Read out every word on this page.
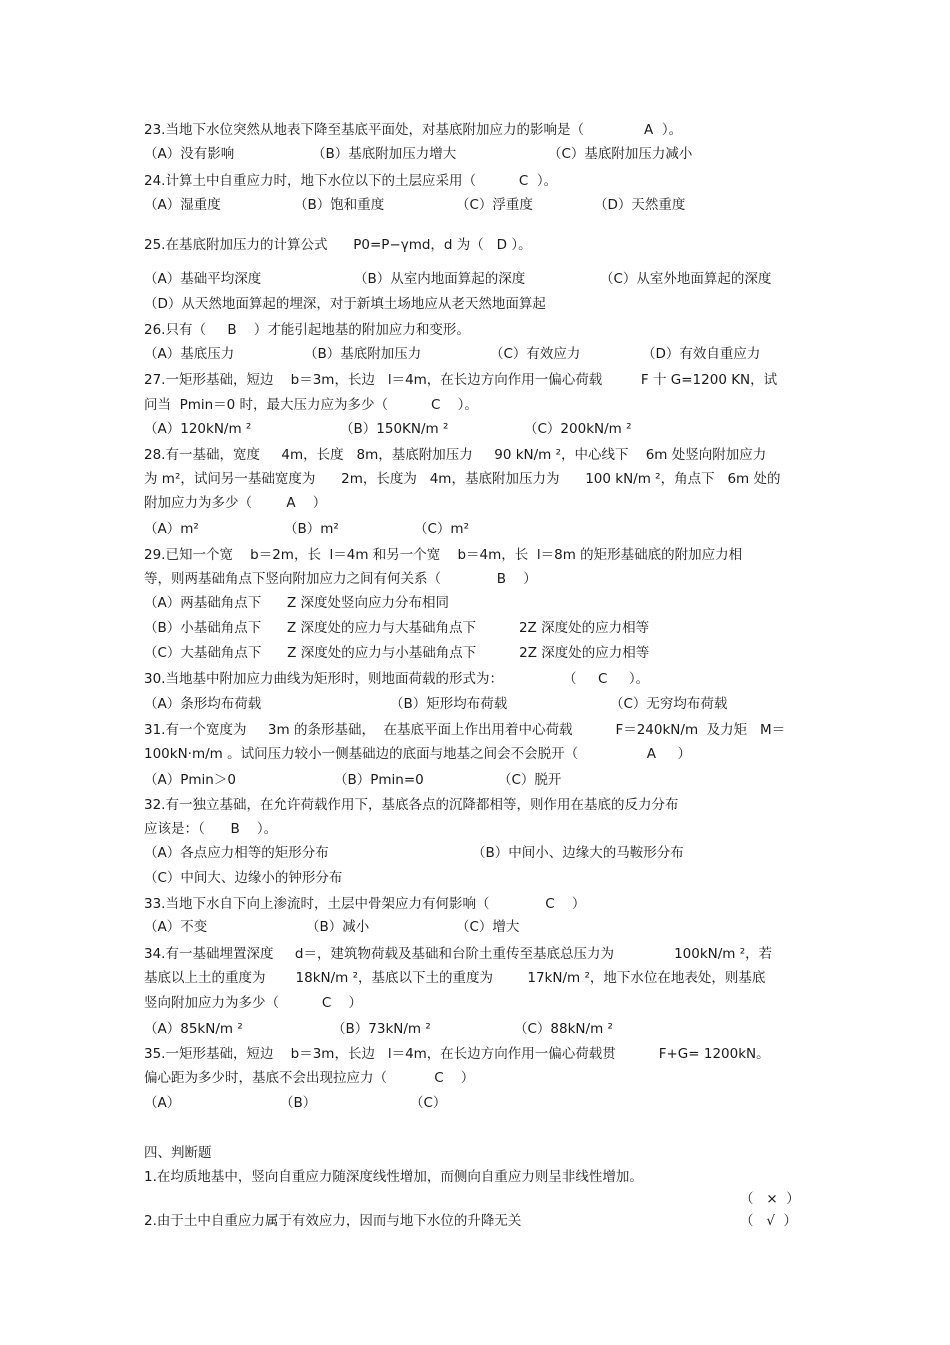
23.当地下水位突然从地表下降至基底平面处，对基底附加应力的影响是（              A  ）。
（A）没有影响	（B）基底附加压力增大	（C）基底附加压力减小
24.计算土中自重应力时，地下水位以下的土层应采用（          C  ）。
（A）湿重度	（B）饱和重度	（C）浮重度	（D）天然重度
25.在基底附加压力的计算公式      P0=P−γmd，d 为（   D ）。
（A）基础平均深度	（B）从室内地面算起的深度	（C）从室外地面算起的深度
（D）从天然地面算起的埋深，对于新填土场地应从老天然地面算起
26.只有（     B    ）才能引起地基的附加应力和变形。
（A）基底压力	（B）基底附加压力	（C）有效应力	（D）有效自重应力
27.一矩形基础，短边    b＝3m，长边   l＝4m，在长边方向作用一偏心荷载         F 十 G=1200 KN，试
问当  Pmin＝0 时，最大压力应为多少（          C    ）。
（A）120kN/m ²	（B）150KN/m ²	（C）200kN/m ²
28.有一基础，宽度     4m，长度   8m，基底附加压力     90 kN/m ²，中心线下    6m 处竖向附加应力
为 m²，试问另一基础宽度为      2m，长度为   4m，基底附加压力为      100 kN/m ²，角点下   6m 处的
附加应力为多少（        A    ）
（A）m²	（B）m²	（C）m²
29.已知一个宽    b＝2m，长  l＝4m 和另一个宽    b＝4m，长  l＝8m 的矩形基础底的附加应力相
等，则两基础角点下竖向附加应力之间有何关系（             B    ）
（A）两基础角点下      Z 深度处竖向应力分布相同
（B）小基础角点下      Z 深度处的应力与大基础角点下          2Z 深度处的应力相等
（C）大基础角点下      Z 深度处的应力与小基础角点下          2Z 深度处的应力相等
30.当地基中附加应力曲线为矩形时，则地面荷载的形式为：              （     C     ）。
（A）条形均布荷载	（B）矩形均布荷载	（C）无穷均布荷载
31.有一个宽度为     3m 的条形基础，  在基底平面上作出用着中心荷载          F＝240kN/m  及力矩   M＝
100kN·m/m 。试问压力较小一侧基础边的底面与地基之间会不会脱开（                A     ）
（A）Pmin＞0	（B）Pmin=0	（C）脱开
32.有一独立基础，在允许荷载作用下，基底各点的沉降都相等，则作用在基底的反力分布
应该是：（      B    ）。
（A）各点应力相等的矩形分布	（B）中间小、边缘大的马鞍形分布
（C）中间大、边缘小的钟形分布
33.当地下水自下向上渗流时，土层中骨架应力有何影响（             C    ）
（A）不变	（B）减小	（C）增大
34.有一基础埋置深度     d＝，建筑物荷载及基础和台阶土重传至基底总压力为              100kN/m ²，若
基底以上土的重度为       18kN/m ²，基底以下土的重度为        17kN/m ²，地下水位在地表处，则基底
竖向附加应力为多少（          C    ）
（A）85kN/m ²	（B）73kN/m ²	（C）88kN/m ²
35.一矩形基础，短边    b＝3m，长边   l＝4m，在长边方向作用一偏心荷载贯          F+G= 1200kN。
偏心距为多少时，基底不会出现拉应力（           C    ）
（A）	（B）	（C）
四、判断题
1.在均质地基中，竖向自重应力随深度线性增加，而侧向自重应力则呈非线性增加。
（   ×  ）
2.由于土中自重应力属于有效应力，因而与地下水位的升降无关	（   √  ）
